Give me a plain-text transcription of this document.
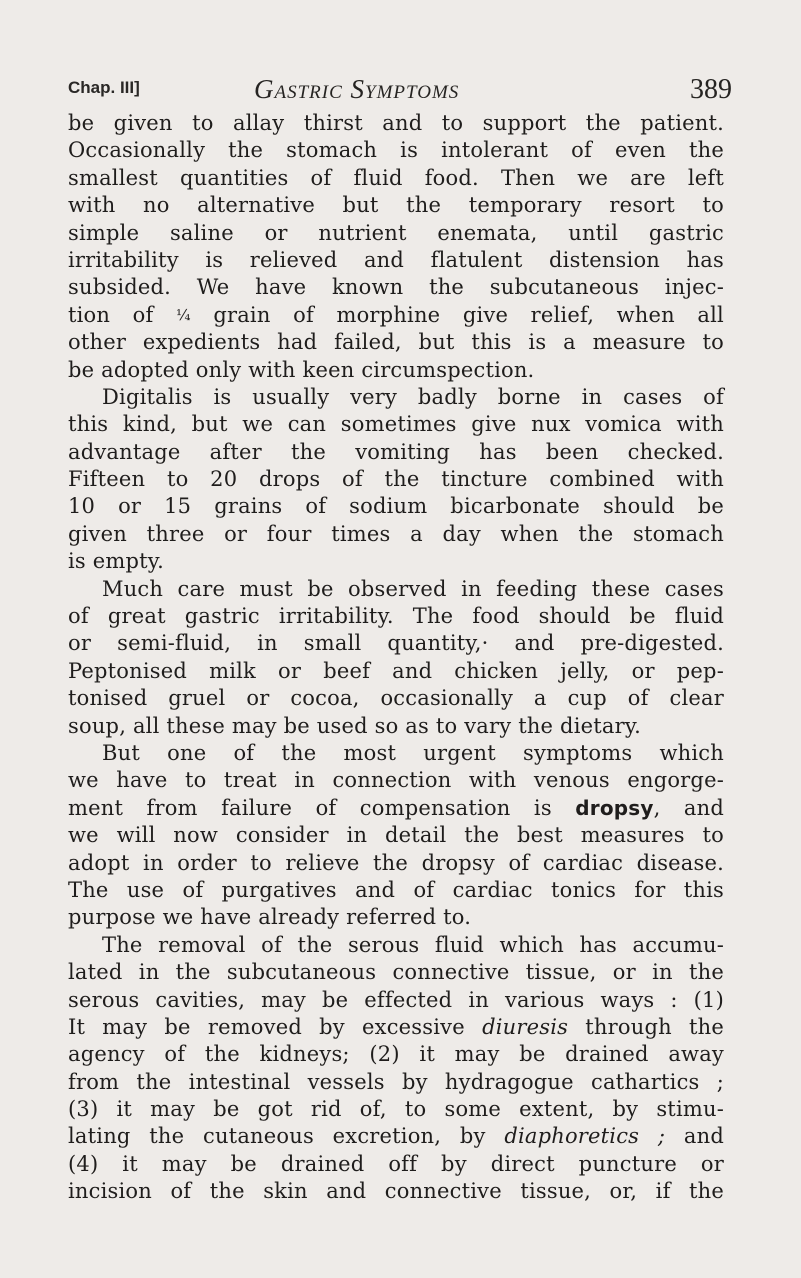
Chap. III]	Gastric Symptoms	389
be given to allay thirst and to support the patient.
Occasionally the stomach is intolerant of even the
smallest quantities of fluid food. Then we are left
with no alternative but the temporary resort to
simple saline or nutrient enemata, until gastric
irritability is relieved and flatulent distension has
subsided. We have known the subcutaneous injec-
tion of ¼ grain of morphine give relief, when all
other expedients had failed, but this is a measure to
be adopted only with keen circumspection.
Digitalis is usually very badly borne in cases of
this kind, but we can sometimes give nux vomica with
advantage after the vomiting has been checked.
Fifteen to 20 drops of the tincture combined with
10 or 15 grains of sodium bicarbonate should be
given three or four times a day when the stomach
is empty.
Much care must be observed in feeding these cases
of great gastric irritability. The food should be fluid
or semi-fluid, in small quantity,· and pre-digested.
Peptonised milk or beef and chicken jelly, or pep-
tonised gruel or cocoa, occasionally a cup of clear
soup, all these may be used so as to vary the dietary.
But one of the most urgent symptoms which
we have to treat in connection with venous engorge-
ment from failure of compensation is dropsy, and
we will now consider in detail the best measures to
adopt in order to relieve the dropsy of cardiac disease.
The use of purgatives and of cardiac tonics for this
purpose we have already referred to.
The removal of the serous fluid which has accumu-
lated in the subcutaneous connective tissue, or in the
serous cavities, may be effected in various ways : (1)
It may be removed by excessive diuresis through the
agency of the kidneys; (2) it may be drained away
from the intestinal vessels by hydragogue cathartics ;
(3) it may be got rid of, to some extent, by stimu-
lating the cutaneous excretion, by diaphoretics ; and
(4) it may be drained off by direct puncture or
incision of the skin and connective tissue, or, if the
